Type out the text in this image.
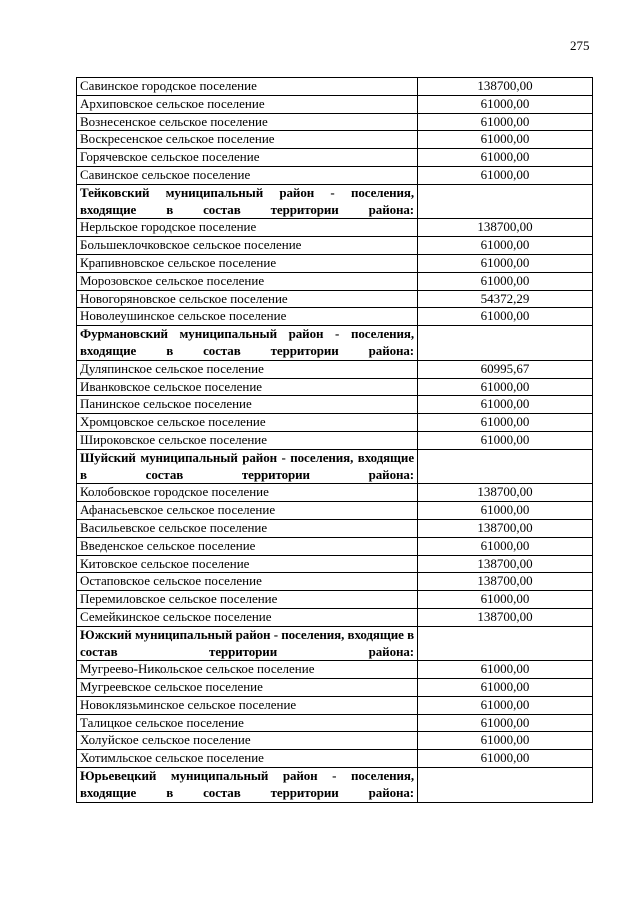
275
Савинское городское поселение	138700,00
Архиповское сельское поселение	61000,00
Вознесенское сельское поселение	61000,00
Воскресенское сельское поселение	61000,00
Горячевское сельское поселение	61000,00
Савинское сельское поселение	61000,00
Тейковский муниципальный район - поселения, входящие в состав территории района:	
Нерльское городское поселение	138700,00
Большеклочковское сельское поселение	61000,00
Крапивновское сельское поселение	61000,00
Морозовское сельское поселение	61000,00
Новогоряновское сельское поселение	54372,29
Новолеушинское сельское поселение	61000,00
Фурмановский муниципальный район - поселения, входящие в состав территории района:	
Дуляпинское сельское поселение	60995,67
Иванковское сельское поселение	61000,00
Панинское сельское поселение	61000,00
Хромцовское сельское поселение	61000,00
Широковское сельское поселение	61000,00
Шуйский муниципальный район - поселения, входящие в состав территории района:	
Колобовское городское поселение	138700,00
Афанасьевское сельское поселение	61000,00
Васильевское сельское поселение	138700,00
Введенское сельское поселение	61000,00
Китовское сельское поселение	138700,00
Остаповское сельское поселение	138700,00
Перемиловское сельское поселение	61000,00
Семейкинское сельское поселение	138700,00
Южский муниципальный район - поселения, входящие в состав территории района:	
Мугреево-Никольское сельское поселение	61000,00
Мугреевское сельское поселение	61000,00
Новоклязьминское сельское поселение	61000,00
Талицкое сельское поселение	61000,00
Холуйское сельское поселение	61000,00
Хотимльское сельское поселение	61000,00
Юрьевецкий муниципальный район - поселения, входящие в состав территории района:	
